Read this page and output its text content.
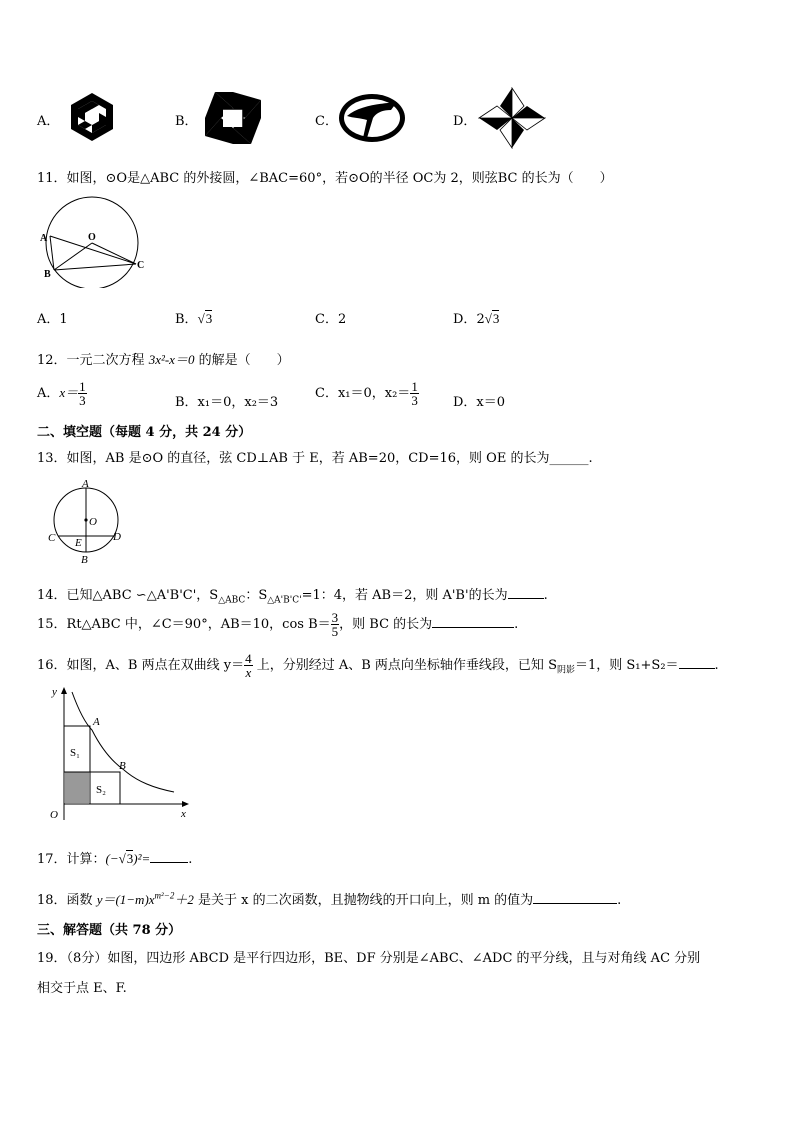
A．	B．	C．	D．
11．如图，⊙O是△ABC 的外接圆，∠BAC=60°，若⊙O的半径 OC为 2，则弦BC 的长为（　　）
A	O
B
C
A．1	B．√3	C．2	D．2√3
12．一元二次方程 3x²-x＝0 的解是（　　）
A．$x= \frac{1}{3}$	B．x₁＝0，x₂＝3
C．x₁＝0，$x_2= \frac{1}{3}$	D．x＝0
二、填空题（每题 4 分，共 24 分）
13．如图，AB 是⊙O 的直径，弦 CD⊥AB 于 E，若 AB=20，CD=16，则 OE 的长为______.
A
O
C E	D
B
14．已知△ABC ∽△A'B'C'，$S_{\triangle ABC}$：$S_{\triangle A'B'C'}=1$：4，若 AB＝2，则 A'B'的长为	.
15．Rt△ABC 中，∠C＝90°，AB＝10，$\cos B= \frac{3}{5}$ ，则 BC 的长为	.
16．如图，A、B 两点在双曲线 $y= \frac{4}{x}$ 上，分别经过 A、B 两点向坐标轴作垂线段，已知 $S_{阴影}=1$，则 S₁+S₂＝	.
y
x
O
A
B
S₁
S₂
17．计算：(−√3)²=	.
18．函数 $y=(1-m)x^{m^2-2}+2$ 是关于 x 的二次函数，且抛物线的开口向上，则 m 的值为	.
三、解答题（共 78 分）
19．（8分）如图，四边形 ABCD 是平行四边形，BE、DF 分别是∠ABC、∠ADC 的平分线，且与对角线 AC 分别
相交于点 E、F.
